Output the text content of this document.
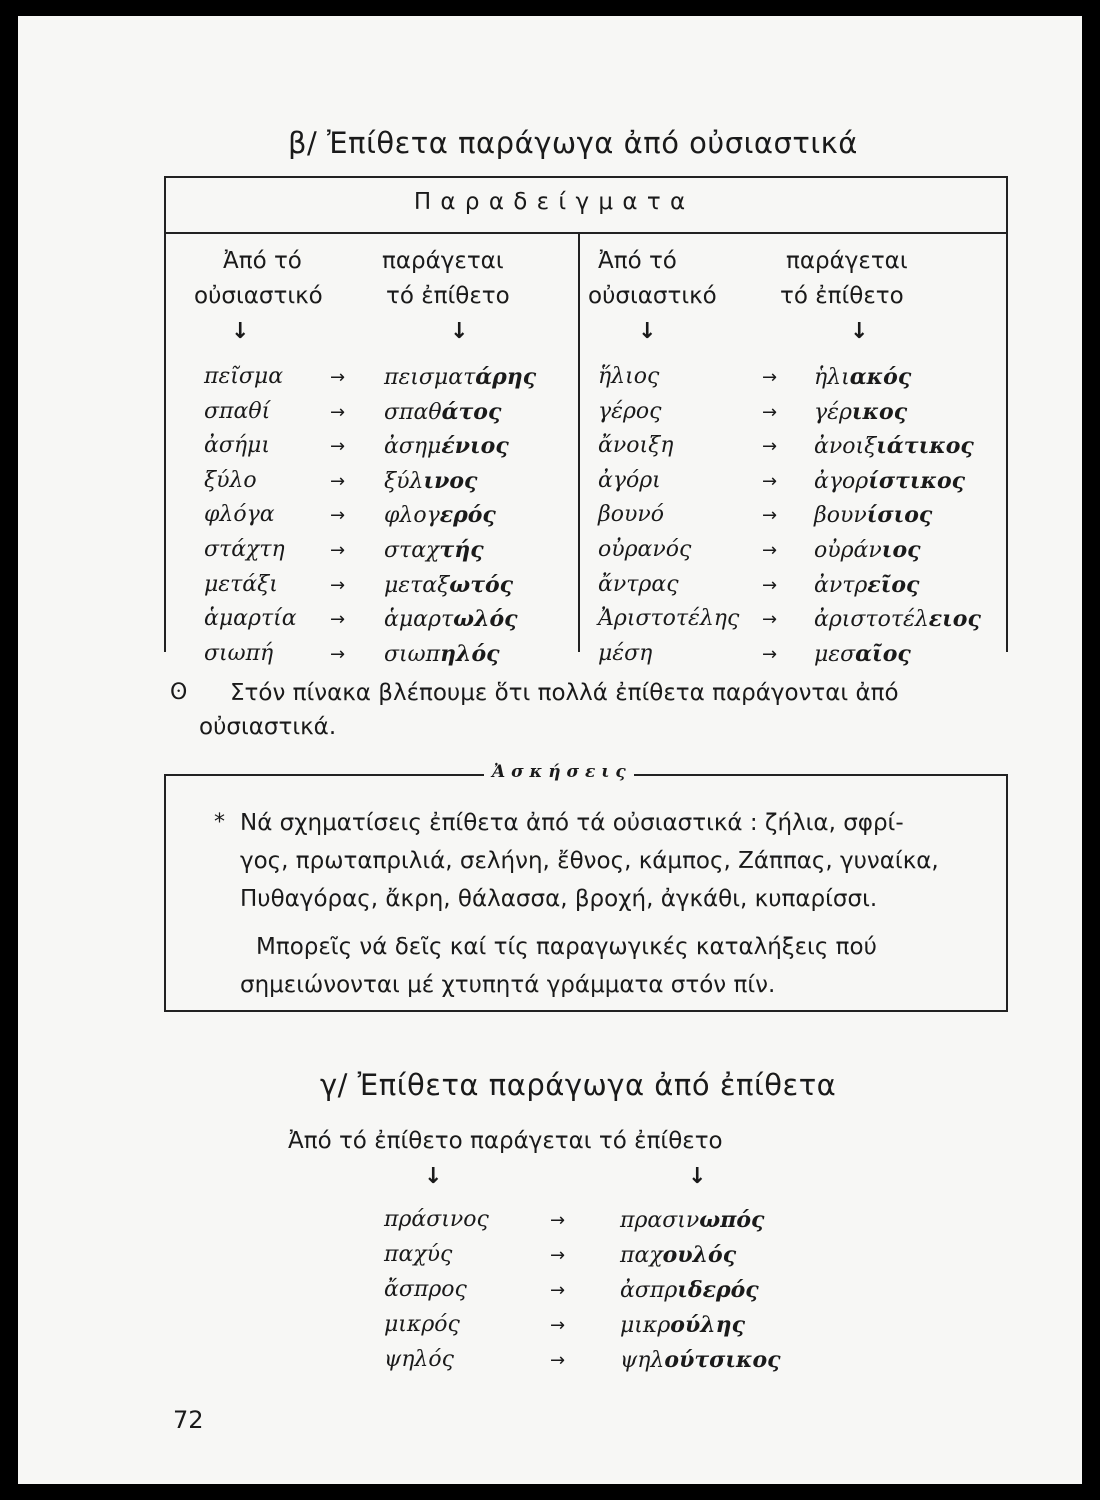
β/ Ἐπίθετα παράγωγα ἀπό οὐσιαστικά
Π α ρ α δ ε ί γ μ α τ α
Ἀπό τό
οὐσιαστικό
παράγεται
τό ἐπίθετο
↓	↓
Ἀπό τό
οὐσιαστικό
παράγεται
τό ἐπίθετο
↓	↓
πεῖσμα	→ πεισματάρης
σπαθί	→ σπαθάτος
ἀσήμι	→ ἀσημένιος
ξύλο	→ ξύλινος
φλόγα	→ φλογερός
στάχτη	→ σταχτής
μετάξι	→ μεταξωτός
ἁμαρτία → ἁμαρτωλός
σιωπή	→ σιωπηλός
ἥλιος	→ ἡλιακός
γέρος	→ γέρικος
ἄνοιξη	→ ἀνοιξιάτικος
ἀγόρι	→ ἀγορίστικος
βουνό	→ βουνίσιος
οὐρανός	→ οὐράνιος
ἄντρας	→ ἀντρεῖος
Ἀριστοτέλης → ἀριστοτέλειος
μέση	→ μεσαῖος
ʘ Στόν πίνακα βλέπουμε ὅτι πολλά ἐπίθετα παράγονται ἀπό
οὐσιαστικά.
Ἀ σ κ ή σ ε ι ς
* Νά σχηματίσεις ἐπίθετα ἀπό τά οὐσιαστικά : ζήλια, σφρί-
γος, πρωταπριλιά, σελήνη, ἔθνος, κάμπος, Ζάππας, γυναίκα,
Πυθαγόρας, ἄκρη, θάλασσα, βροχή, ἀγκάθι, κυπαρίσσι.
Μπορεῖς νά δεῖς καί τίς παραγωγικές καταλήξεις πού
σημειώνονται μέ χτυπητά γράμματα στόν πίν.
γ/ Ἐπίθετα παράγωγα ἀπό ἐπίθετα
Ἀπό τό ἐπίθετο παράγεται τό ἐπίθετο
↓	↓
πράσινος	→ πρασινωπός
παχύς	→ παχουλός
ἄσπρος	→ ἀσπριδερός
μικρός	→ μικρούλης
ψηλός	→ ψηλούτσικος
72
